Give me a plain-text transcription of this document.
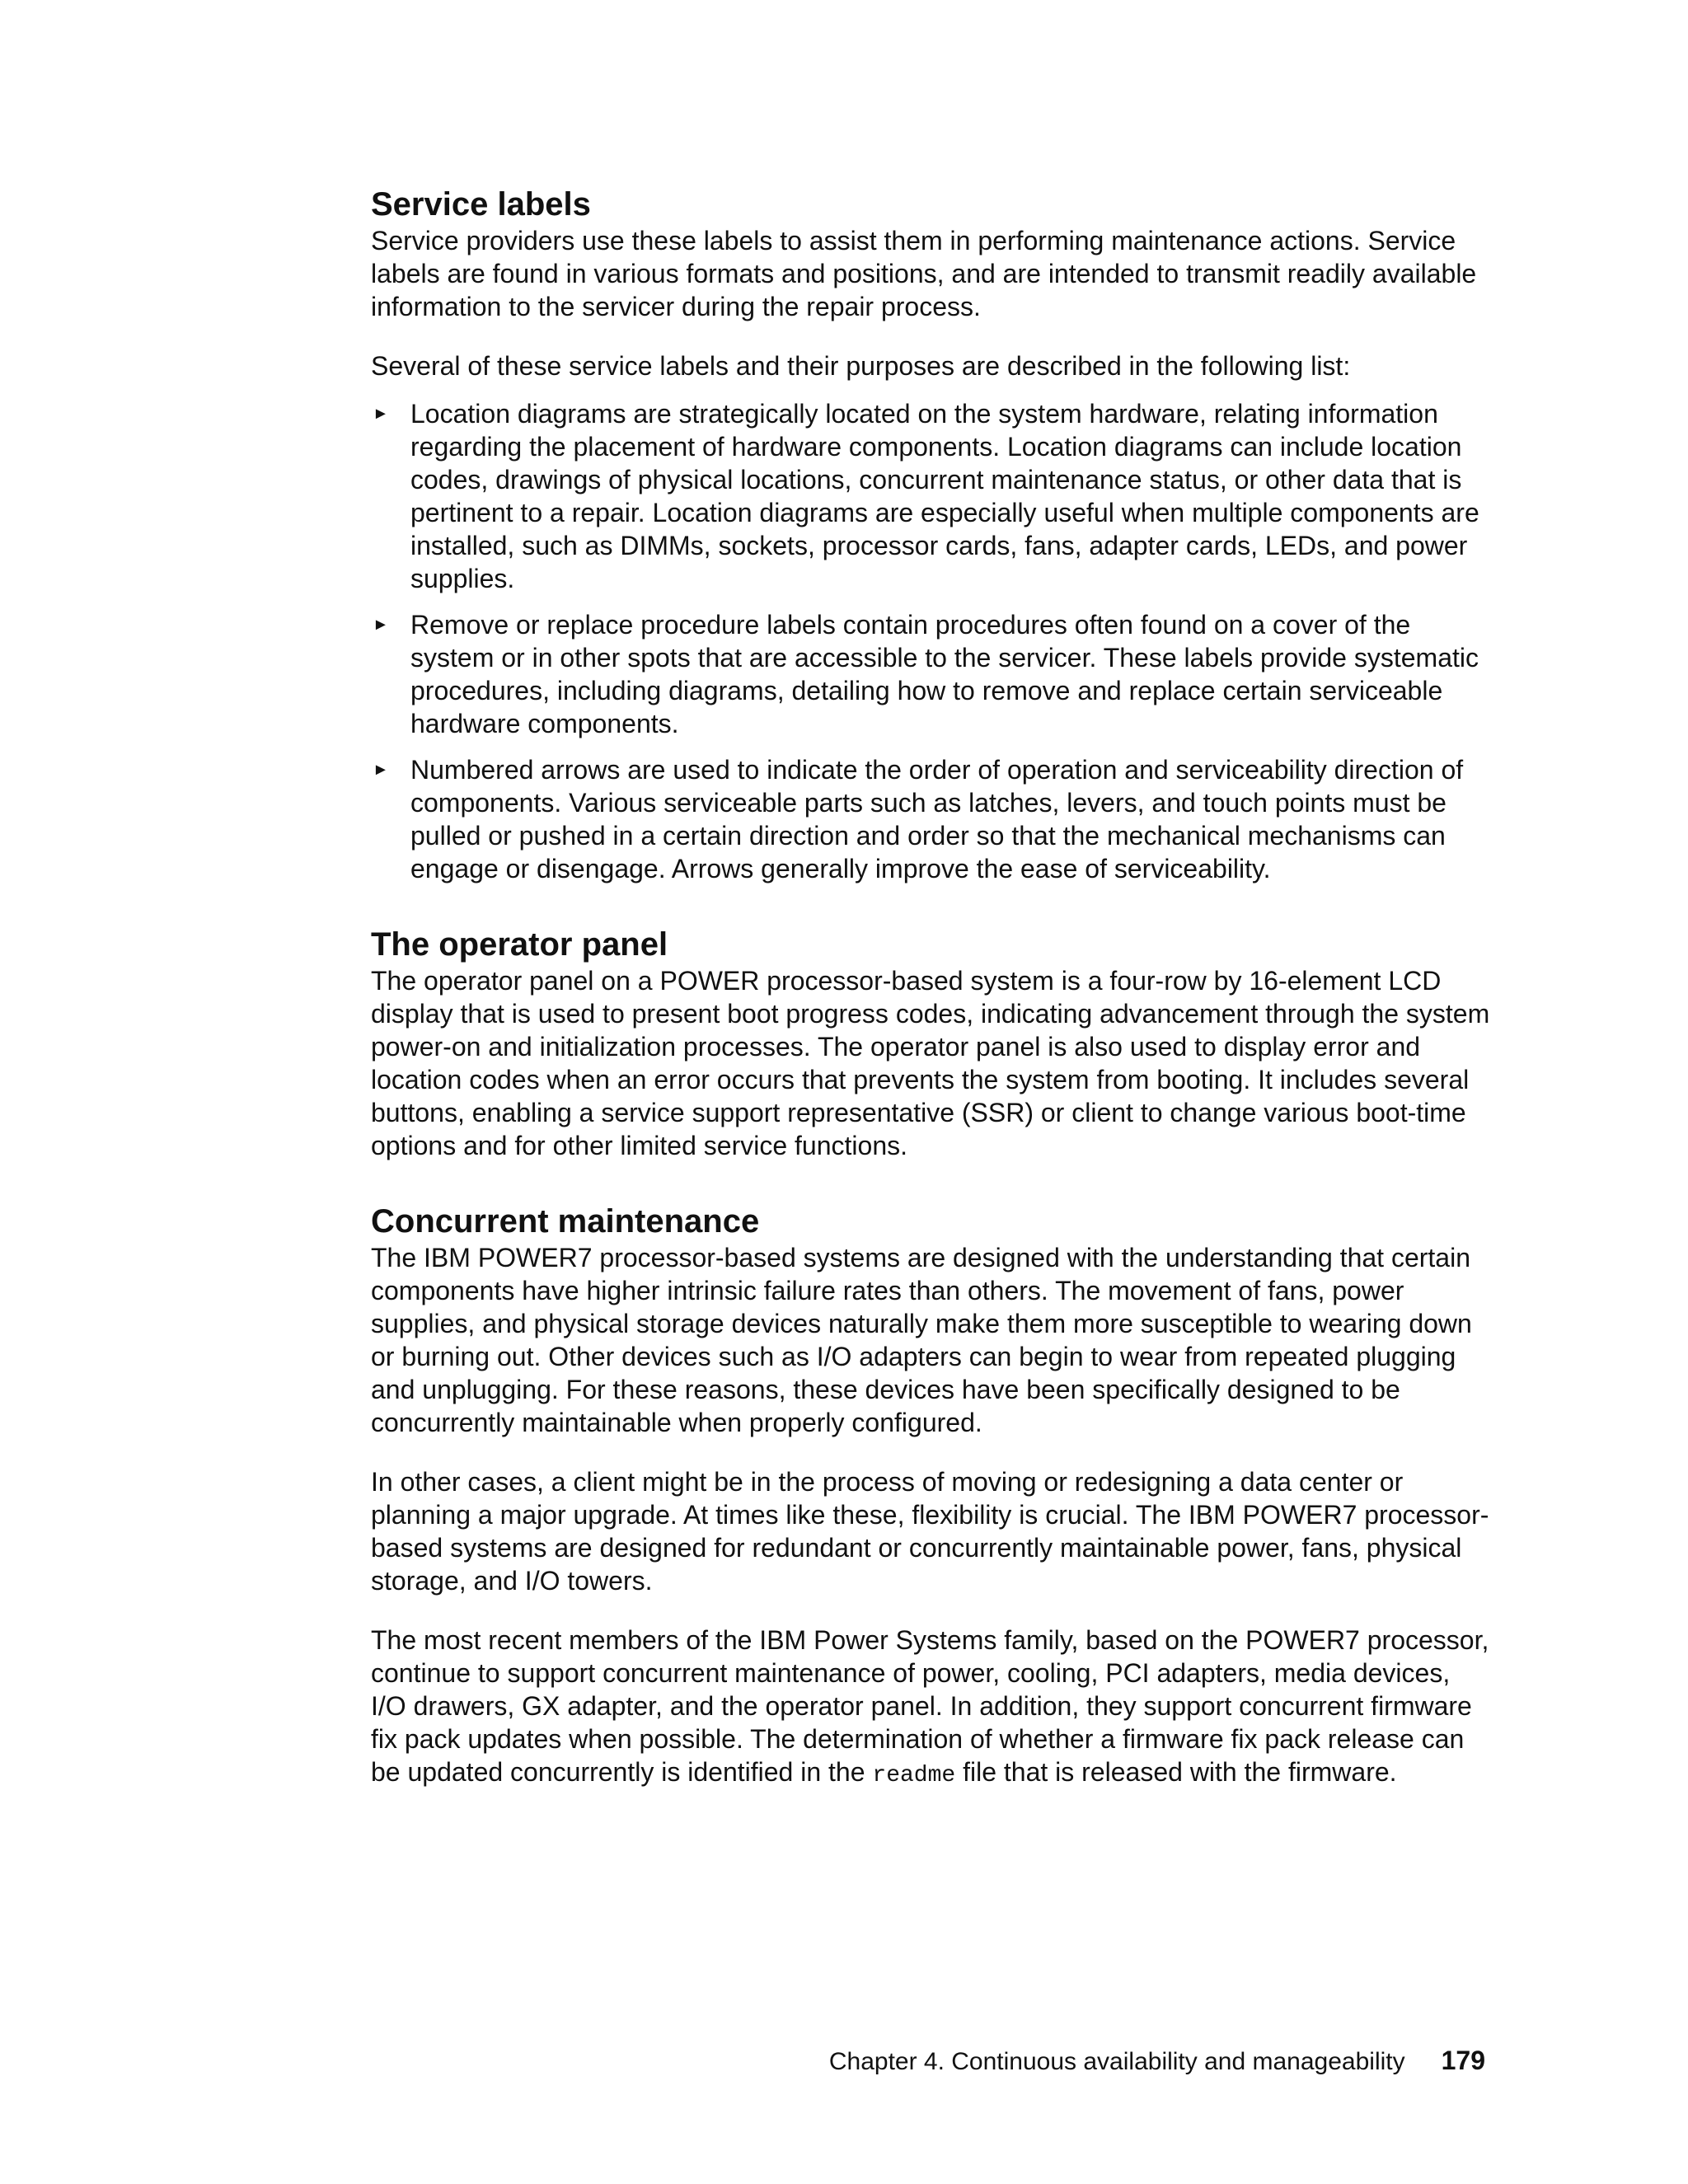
Service labels

Service providers use these labels to assist them in performing maintenance actions. Service labels are found in various formats and positions, and are intended to transmit readily available information to the servicer during the repair process.

Several of these service labels and their purposes are described in the following list:

► Location diagrams are strategically located on the system hardware, relating information regarding the placement of hardware components. Location diagrams can include location codes, drawings of physical locations, concurrent maintenance status, or other data that is pertinent to a repair. Location diagrams are especially useful when multiple components are installed, such as DIMMs, sockets, processor cards, fans, adapter cards, LEDs, and power supplies.
► Remove or replace procedure labels contain procedures often found on a cover of the system or in other spots that are accessible to the servicer. These labels provide systematic procedures, including diagrams, detailing how to remove and replace certain serviceable hardware components.
► Numbered arrows are used to indicate the order of operation and serviceability direction of components. Various serviceable parts such as latches, levers, and touch points must be pulled or pushed in a certain direction and order so that the mechanical mechanisms can engage or disengage. Arrows generally improve the ease of serviceability.
The operator panel

The operator panel on a POWER processor-based system is a four-row by 16-element LCD display that is used to present boot progress codes, indicating advancement through the system power-on and initialization processes. The operator panel is also used to display error and location codes when an error occurs that prevents the system from booting. It includes several buttons, enabling a service support representative (SSR) or client to change various boot-time options and for other limited service functions.

Concurrent maintenance

The IBM POWER7 processor-based systems are designed with the understanding that certain components have higher intrinsic failure rates than others. The movement of fans, power supplies, and physical storage devices naturally make them more susceptible to wearing down or burning out. Other devices such as I/O adapters can begin to wear from repeated plugging and unplugging. For these reasons, these devices have been specifically designed to be concurrently maintainable when properly configured.

In other cases, a client might be in the process of moving or redesigning a data center or planning a major upgrade. At times like these, flexibility is crucial. The IBM POWER7 processor-based systems are designed for redundant or concurrently maintainable power, fans, physical storage, and I/O towers.

The most recent members of the IBM Power Systems family, based on the POWER7 processor, continue to support concurrent maintenance of power, cooling, PCI adapters, media devices, I/O drawers, GX adapter, and the operator panel. In addition, they support concurrent firmware fix pack updates when possible. The determination of whether a firmware fix pack release can be updated concurrently is identified in the readme file that is released with the firmware.

Chapter 4. Continuous availability and manageability 179
